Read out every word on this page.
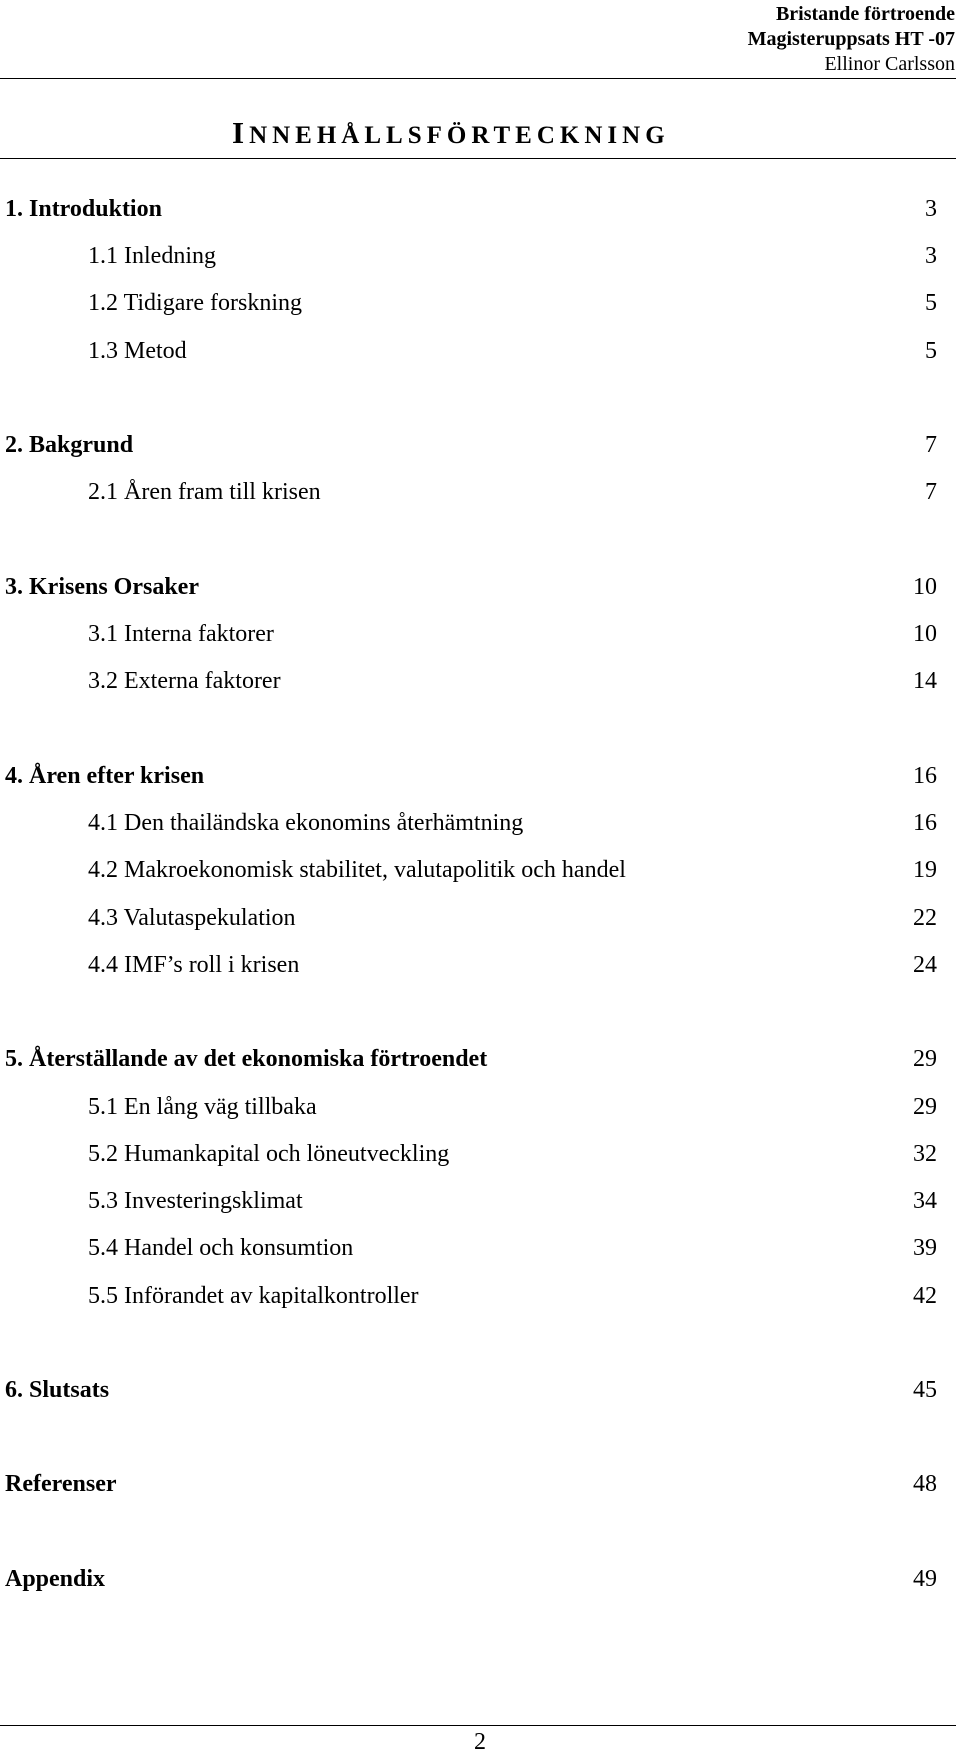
Bristande förtroende
Magisteruppsats HT -07
Ellinor Carlsson
INNEHÅLLSFÖRTECKNING
1. Introduktion	3
1.1 Inledning	3
1.2 Tidigare forskning	5
1.3 Metod	5
2. Bakgrund	7
2.1 Åren fram till krisen	7
3. Krisens Orsaker	10
3.1 Interna faktorer	10
3.2 Externa faktorer	14
4. Åren efter krisen	16
4.1 Den thailändska ekonomins återhämtning	16
4.2 Makroekonomisk stabilitet, valutapolitik och handel	19
4.3 Valutaspekulation	22
4.4 IMF’s roll i krisen	24
5. Återställande av det ekonomiska förtroendet	29
5.1 En lång väg tillbaka	29
5.2 Humankapital och löneutveckling	32
5.3 Investeringsklimat	34
5.4 Handel och konsumtion	39
5.5 Införandet av kapitalkontroller	42
6. Slutsats	45
Referenser	48
Appendix	49
2
